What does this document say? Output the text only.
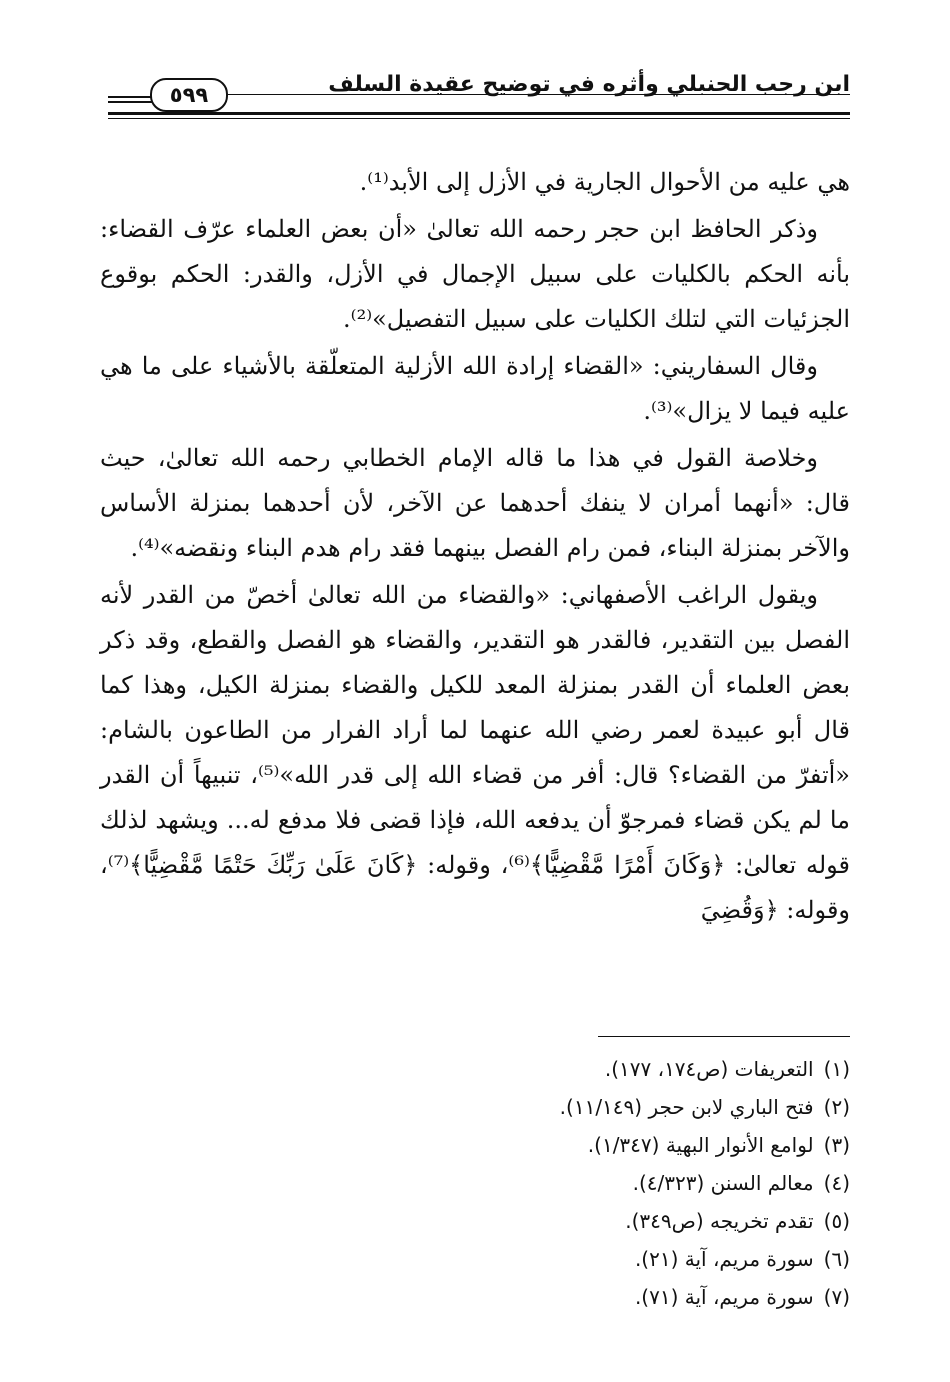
ابن رجب الحنبلي وأثره في توضيح عقيدة السلف
٥٩٩

هي عليه من الأحوال الجارية في الأزل إلى الأبد⁽¹⁾.

وذكر الحافظ ابن حجر رحمه الله تعالىٰ «أن بعض العلماء عرّف القضاء: بأنه الحكم بالكليات على سبيل الإجمال في الأزل، والقدر: الحكم بوقوع الجزئيات التي لتلك الكليات على سبيل التفصيل»⁽²⁾.

وقال السفاريني: «القضاء إرادة الله الأزلية المتعلّقة بالأشياء على ما هي عليه فيما لا يزال»⁽³⁾.

وخلاصة القول في هذا ما قاله الإمام الخطابي رحمه الله تعالىٰ، حيث قال: «أنهما أمران لا ينفك أحدهما عن الآخر، لأن أحدهما بمنزلة الأساس والآخر بمنزلة البناء، فمن رام الفصل بينهما فقد رام هدم البناء ونقضه»⁽⁴⁾.

ويقول الراغب الأصفهاني: «والقضاء من الله تعالىٰ أخصّ من القدر لأنه الفصل بين التقدير، فالقدر هو التقدير، والقضاء هو الفصل والقطع، وقد ذكر بعض العلماء أن القدر بمنزلة المعد للكيل والقضاء بمنزلة الكيل، وهذا كما قال أبو عبيدة لعمر رضي الله عنهما لما أراد الفرار من الطاعون بالشام: «أتفرّ من القضاء؟ قال: أفر من قضاء الله إلى قدر الله»⁽⁵⁾، تنبيهاً أن القدر ما لم يكن قضاء فمرجوّ أن يدفعه الله، فإذا قضى فلا مدفع له... ويشهد لذلك قوله تعالىٰ: ﴿وَكَانَ أَمْرًا مَّقْضِيًّا﴾⁽⁶⁾، وقوله: ﴿كَانَ عَلَىٰ رَبِّكَ حَتْمًا مَّقْضِيًّا﴾⁽⁷⁾، وقوله: ﴿وَقُضِيَ

(١)التعريفات (ص١٧٤، ١٧٧).
(٢)فتح الباري لابن حجر (١١/١٤٩).
(٣)لوامع الأنوار البهية (١/٣٤٧).
(٤)معالم السنن (٤/٣٢٣).
(٥)تقدم تخريجه (ص٣٤٩).
(٦)سورة مريم، آية (٢١).
(٧)سورة مريم، آية (٧١).
